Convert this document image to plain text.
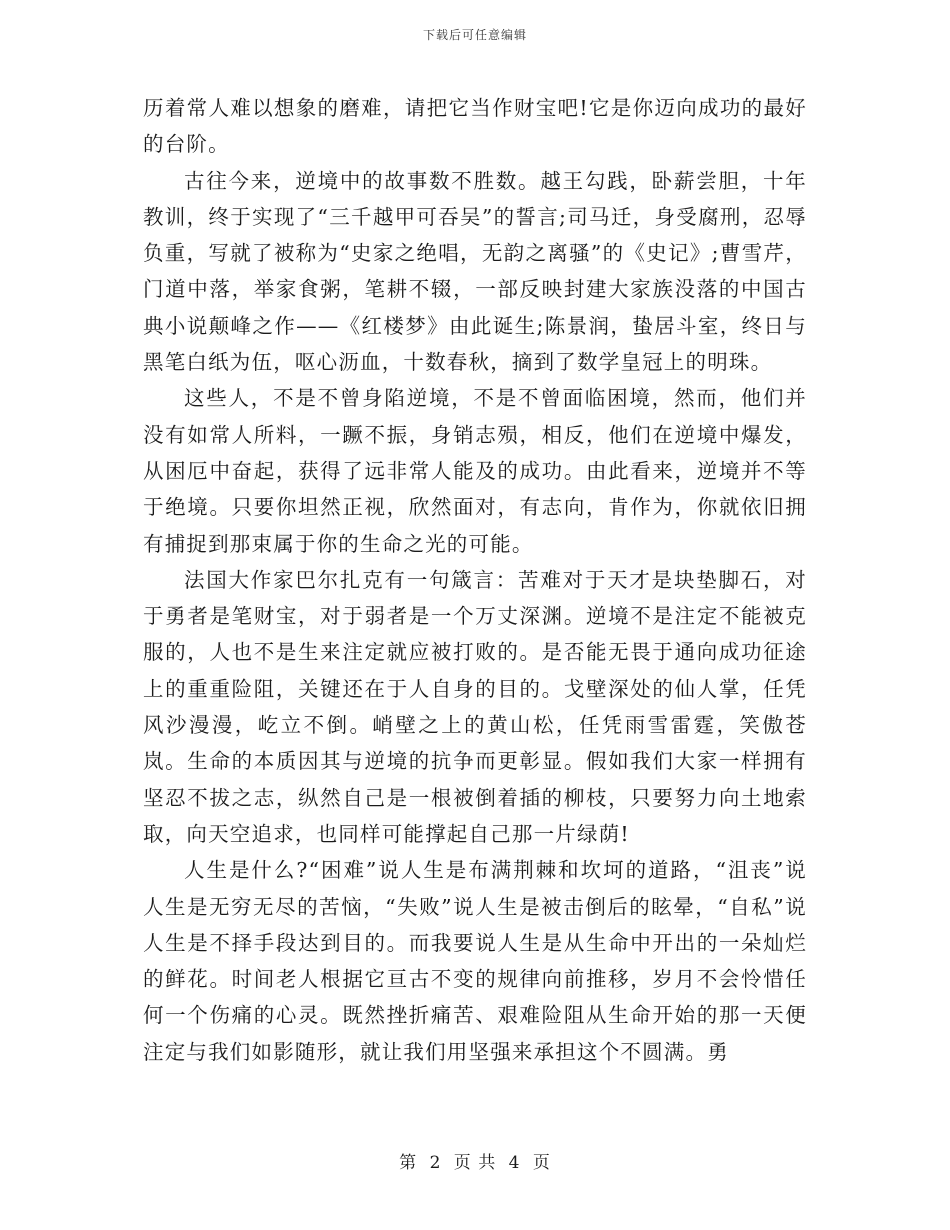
下载后可任意编辑

历着常人难以想象的磨难，请把它当作财宝吧!它是你迈向成功的最好的台阶。

古往今来，逆境中的故事数不胜数。越王勾践，卧薪尝胆，十年教训，终于实现了“三千越甲可吞吴”的誓言;司马迁，身受腐刑，忍辱负重，写就了被称为“史家之绝唱，无韵之离骚”的《史记》;曹雪芹，门道中落，举家食粥，笔耕不辍，一部反映封建大家族没落的中国古典小说颠峰之作——《红楼梦》由此诞生;陈景润，蛰居斗室，终日与黑笔白纸为伍，呕心沥血，十数春秋，摘到了数学皇冠上的明珠。

这些人，不是不曾身陷逆境，不是不曾面临困境，然而，他们并没有如常人所料，一蹶不振，身销志殒，相反，他们在逆境中爆发，从困厄中奋起，获得了远非常人能及的成功。由此看来，逆境并不等于绝境。只要你坦然正视，欣然面对，有志向，肯作为，你就依旧拥有捕捉到那束属于你的生命之光的可能。

法国大作家巴尔扎克有一句箴言：苦难对于天才是块垫脚石，对于勇者是笔财宝，对于弱者是一个万丈深渊。逆境不是注定不能被克服的，人也不是生来注定就应被打败的。是否能无畏于通向成功征途上的重重险阻，关键还在于人自身的目的。戈壁深处的仙人掌，任凭风沙漫漫，屹立不倒。峭壁之上的黄山松，任凭雨雪雷霆，笑傲苍岚。生命的本质因其与逆境的抗争而更彰显。假如我们大家一样拥有坚忍不拔之志，纵然自己是一根被倒着插的柳枝，只要努力向土地索取，向天空追求，也同样可能撑起自己那一片绿荫!

人生是什么?“困难”说人生是布满荆棘和坎坷的道路，“沮丧”说人生是无穷无尽的苦恼，“失败”说人生是被击倒后的眩晕，“自私”说人生是不择手段达到目的。而我要说人生是从生命中开出的一朵灿烂的鲜花。时间老人根据它亘古不变的规律向前推移，岁月不会怜惜任何一个伤痛的心灵。既然挫折痛苦、艰难险阻从生命开始的那一天便注定与我们如影随形，就让我们用坚强来承担这个不圆满。勇

第 2 页 共 4 页
